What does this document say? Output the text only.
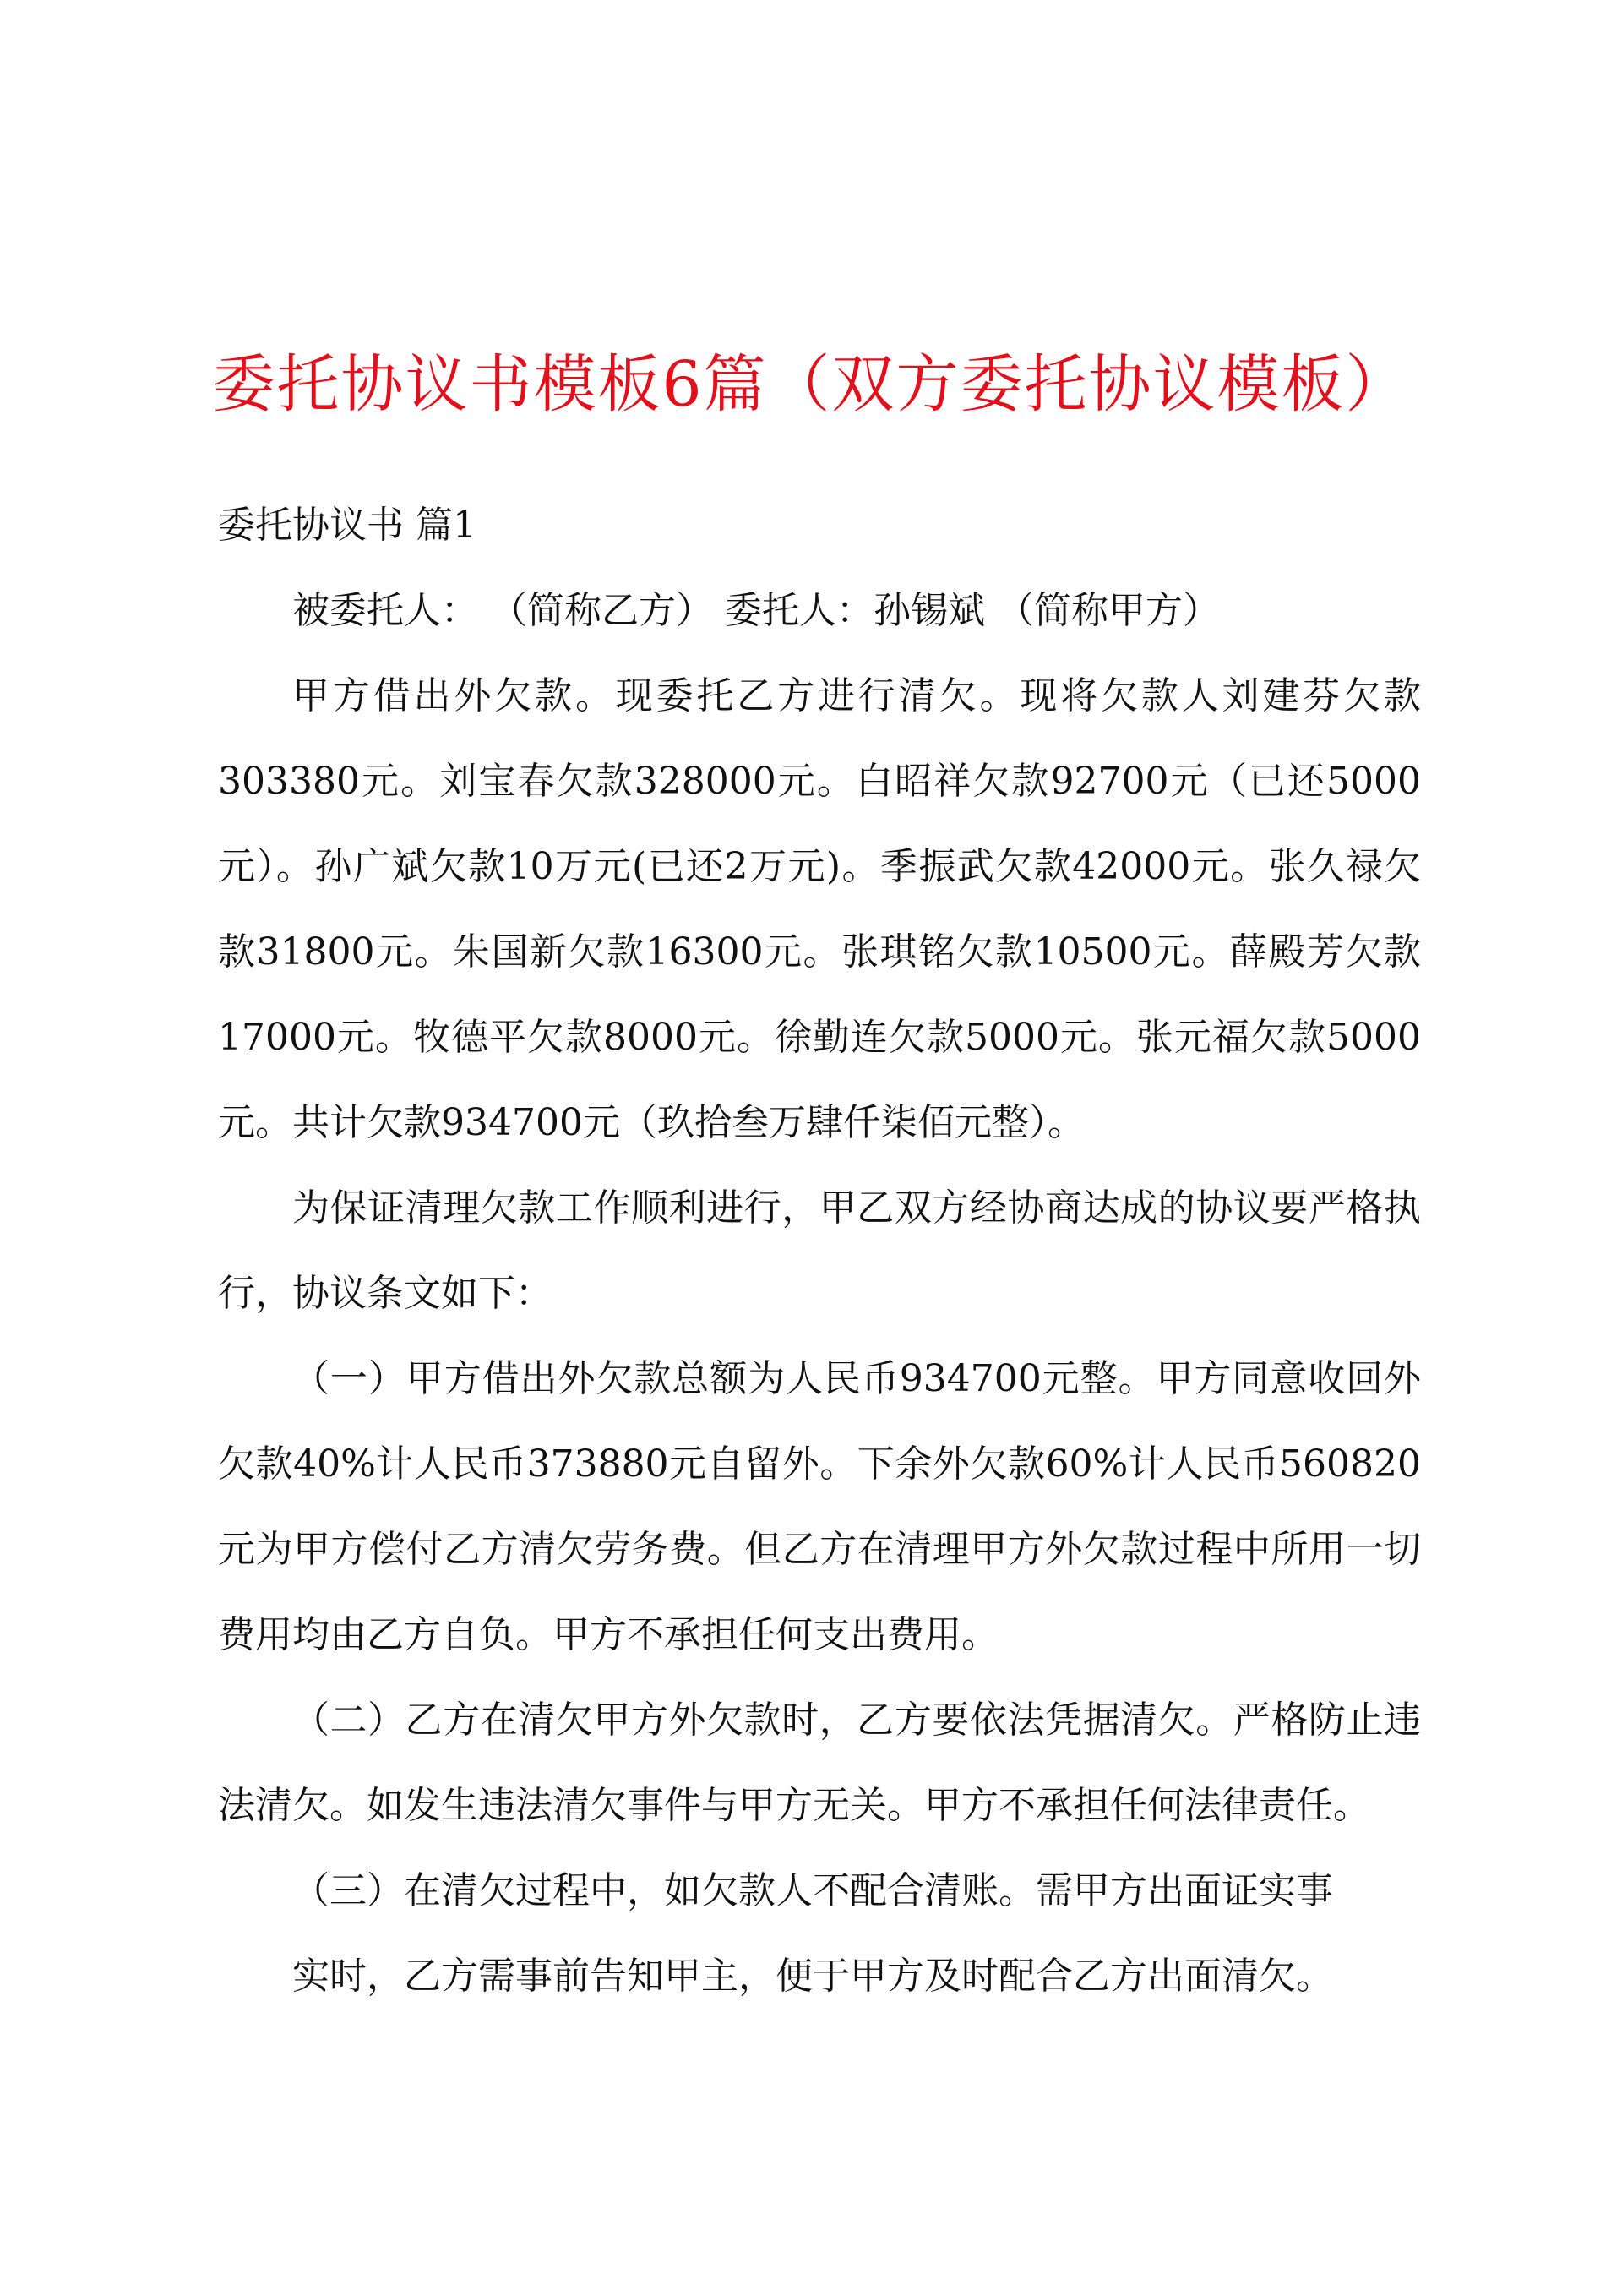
委托协议书模板6篇（双方委托协议模板）

委托协议书 篇1

被委托人： （简称乙方） 委托人：孙锡斌 （简称甲方）

甲方借出外欠款。现委托乙方进行清欠。现将欠款人刘建芬欠款303380元。刘宝春欠款328000元。白昭祥欠款92700元（已还5000元）。孙广斌欠款10万元(已还2万元)。季振武欠款42000元。张久禄欠款31800元。朱国新欠款16300元。张琪铭欠款10500元。薛殿芳欠款17000元。牧德平欠款8000元。徐勤连欠款5000元。张元福欠款5000元。共计欠款934700元（玖拾叁万肆仟柒佰元整）。

为保证清理欠款工作顺利进行，甲乙双方经协商达成的协议要严格执行，协议条文如下：

（一）甲方借出外欠款总额为人民币934700元整。甲方同意收回外欠款40%计人民币373880元自留外。下余外欠款60%计人民币560820元为甲方偿付乙方清欠劳务费。但乙方在清理甲方外欠款过程中所用一切费用均由乙方自负。甲方不承担任何支出费用。

（二）乙方在清欠甲方外欠款时，乙方要依法凭据清欠。严格防止违法清欠。如发生违法清欠事件与甲方无关。甲方不承担任何法律责任。

（三）在清欠过程中，如欠款人不配合清账。需甲方出面证实事

实时，乙方需事前告知甲主，便于甲方及时配合乙方出面清欠。
